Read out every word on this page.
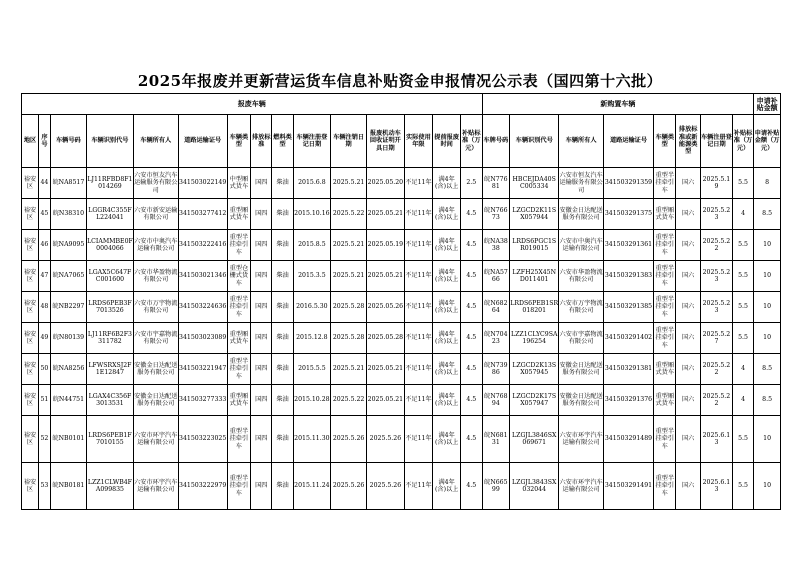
2025年报废并更新营运货车信息补贴资金申报情况公示表（国四第十六批）
报废车辆															新购置车辆								申请补贴金额
地区	序号	车辆号码	车辆识别代号	车辆所有人	道路运输证号	车辆类型	排放标准	燃料类型	车辆注册登记日期	车辆注销日期	报废机动车回收证明开具日期	实际使用年限	提前报废时间	补贴标准（万元）	车牌号码	车辆识别代号	车辆所有人	道路运输证号	车辆类型	排放标准或新能源类型	车辆注册登记日期	补贴标准（万元）	申请补贴金额（万元）
裕安区	44	皖NA8517	LJ11RFBD8F1014269	六安市恒友汽车运输服务有限公司	341503022149	中型厢式货车	国四	柴油	2015.6.8	2025.5.21	2025.05.20	不足11年	满4年(含)以上	2.5	皖N77681	HBCEJDA40SC005334	六安市恒友汽车运输服务有限公司	341503291359	重型半挂牵引车	国六	2025.5.19	5.5	8
裕安区	45	皖N38310	LGGR4C355FL224041	六安市新安运输有限公司	341503277412	重型厢式货车	国四	柴油	2015.10.16	2025.5.22	2025.05.21	不足11年	满4年(含)以上	4.5	皖N76673	LZGCD2K11SX057944	安徽金日达配送服务有限公司	341503291375	重型厢式货车	国六	2025.5.23	4	8.5
裕安区	46	皖NA9095	LCIAMMBE0F0004066	六安市中奥汽车运输有限公司	341503222416	重型半挂牵引车	国四	柴油	2015.8.5	2025.5.21	2025.05.19	不足11年	满4年(含)以上	4.5	皖NA3838	LRDS6PGC1SR019015	六安市中奥汽车运输有限公司	341503291361	重型半挂牵引车	国六	2025.5.22	5.5	10
裕安区	47	皖NA7065	LGAX5C647FC001600	六安市华盈物流有限公司	341503021346	重型仓栅式货车	国四	柴油	2015.3.5	2025.5.21	2025.05.21	不足11年	满4年(含)以上	4.5	皖NA5766	LZFH25X45ND011401	六安市华盈物流有限公司	341503291383	重型半挂牵引车	国六	2025.5.23	5.5	10
裕安区	48	皖NB2297	LRDS6PEB3F7013526	六安市万宇物流有限公司	341503224636	重型半挂牵引车	国四	柴油	2016.5.30	2025.5.28	2025.05.26	不足11年	满4年(含)以上	4.5	皖N68264	LRDS6PEB1SR018201	六安市万宇物流有限公司	341503291385	重型半挂牵引车	国六	2025.5.23	5.5	10
裕安区	49	皖N80139	LJ11RF6B2F3311782	六安市宇嘉物流有限公司	341503023089	重型厢式货车	国四	柴油	2015.12.8	2025.5.28	2025.05.28	不足11年	满4年(含)以上	4.5	皖N70423	LZZ1CLYC9SA196254	六安市宇嘉物流有限公司	341503291402	重型半挂牵引车	国六	2025.5.27	5.5	10
裕安区	50	皖NA8256	LFWSRXSJ2F1E12847	安徽金日达配送服务有限公司	341503221947	重型半挂牵引车	国四	柴油	2015.5.5	2025.5.21	2025.05.21	不足11年	满4年(含)以上	4.5	皖N73986	LZGCD2K13SX057945	安徽金日达配送服务有限公司	341503291381	重型厢式货车	国六	2025.5.22	4	8.5
裕安区	51	皖N44751	LGAX4C356F3013531	安徽金日达配送服务有限公司	341503277333	重型厢式货车	国四	柴油	2015.10.28	2025.5.22	2025.05.21	不足11年	满4年(含)以上	4.5	皖N76894	LZGCD2K17SX057947	安徽金日达配送服务有限公司	341503291376	重型厢式货车	国六	2025.5.22	4	8.5
裕安区	52	皖NB0101	LRDS6PEB1F7010155	六安市环宇汽车运输有限公司	341503223025	重型半挂牵引车	国四	柴油	2015.11.30	2025.5.26	2025.5.26	不足11年	满4年(含)以上	4.5	皖N68131	LZGJL3846SX069671	六安市环宇汽车运输有限公司	341503291489	重型半挂牵引车	国六	2025.6.13	5.5	10
裕安区	53	皖NB0181	LZZ1CLWB4FA099835	六安市环宇汽车运输有限公司	341503222979	重型半挂牵引车	国四	柴油	2015.11.24	2025.5.26	2025.5.26	不足11年	满4年(含)以上	4.5	皖N66599	LZGJL3843SX032044	六安市环宇汽车运输有限公司	341503291491	重型半挂牵引车	国六	2025.6.13	5.5	10
